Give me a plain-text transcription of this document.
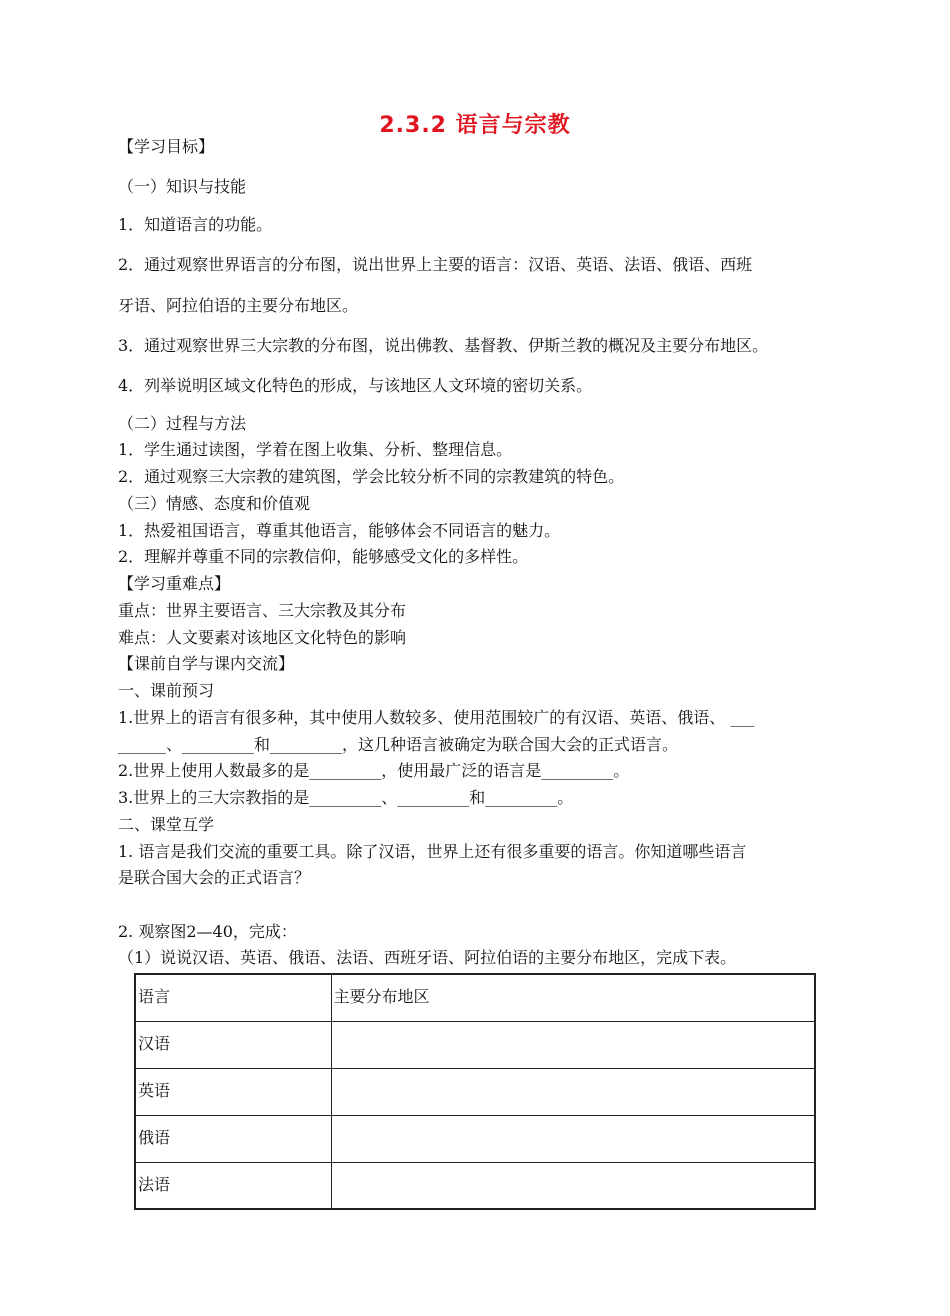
2.3.2 语言与宗教
【学习目标】
（一）知识与技能
1．知道语言的功能。
2．通过观察世界语言的分布图，说出世界上主要的语言：汉语、英语、法语、俄语、西班
牙语、阿拉伯语的主要分布地区。
3．通过观察世界三大宗教的分布图，说出佛教、基督教、伊斯兰教的概况及主要分布地区。
4．列举说明区域文化特色的形成，与该地区人文环境的密切关系。
（二）过程与方法
1．学生通过读图，学着在图上收集、分析、整理信息。
2．通过观察三大宗教的建筑图，学会比较分析不同的宗教建筑的特色。
（三）情感、态度和价值观
1．热爱祖国语言，尊重其他语言，能够体会不同语言的魅力。
2．理解并尊重不同的宗教信仰，能够感受文化的多样性。
【学习重难点】
重点：世界主要语言、三大宗教及其分布
难点：人文要素对该地区文化特色的影响
【课前自学与课内交流】
一、课前预习
1.世界上的语言有很多种，其中使用人数较多、使用范围较广的有汉语、英语、俄语、 ___
______、_________和_________，这几种语言被确定为联合国大会的正式语言。
2.世界上使用人数最多的是_________，使用最广泛的语言是_________。
3.世界上的三大宗教指的是_________、_________和_________。
二、课堂互学
1. 语言是我们交流的重要工具。除了汉语，世界上还有很多重要的语言。你知道哪些语言
是联合国大会的正式语言？
2. 观察图2—40，完成：
（1）说说汉语、英语、俄语、法语、西班牙语、阿拉伯语的主要分布地区，完成下表。
语言	主要分布地区
汉语	
英语	
俄语	
法语	
